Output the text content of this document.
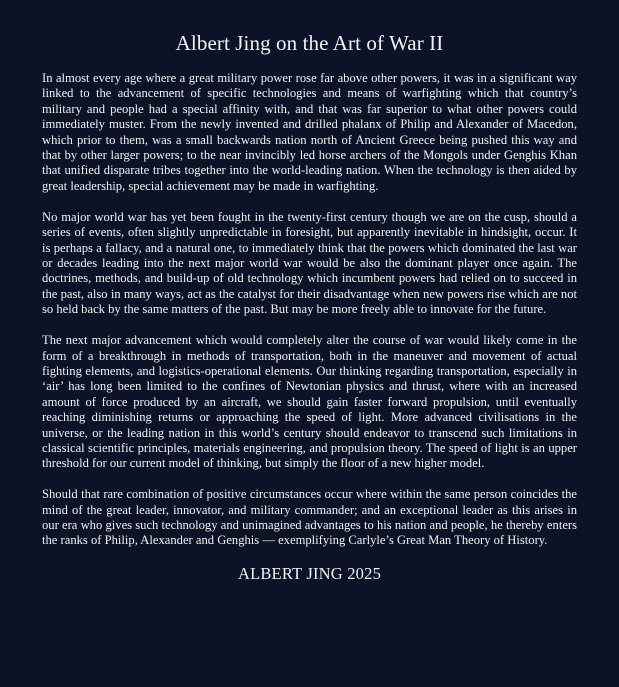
Albert Jing on the Art of War II

In almost every age where a great military power rose far above other powers, it was in a significant way linked to the advancement of specific technologies and means of warfighting which that country’s military and people had a special affinity with, and that was far superior to what other powers could immediately muster. From the newly invented and drilled phalanx of Philip and Alexander of Macedon, which prior to them, was a small backwards nation north of Ancient Greece being pushed this way and that by other larger powers; to the near invincibly led horse archers of the Mongols under Genghis Khan that unified disparate tribes together into the world-leading nation. When the technology is then aided by great leadership, special achievement may be made in warfighting.

No major world war has yet been fought in the twenty-first century though we are on the cusp, should a series of events, often slightly unpredictable in foresight, but apparently inevitable in hindsight, occur. It is perhaps a fallacy, and a natural one, to immediately think that the powers which dominated the last war or decades leading into the next major world war would be also the dominant player once again. The doctrines, methods, and build-up of old technology which incumbent powers had relied on to succeed in the past, also in many ways, act as the catalyst for their disadvantage when new powers rise which are not so held back by the same matters of the past. But may be more freely able to innovate for the future.

The next major advancement which would completely alter the course of war would likely come in the form of a breakthrough in methods of transportation, both in the maneuver and movement of actual fighting elements, and logistics-operational elements. Our thinking regarding transportation, especially in ‘air’ has long been limited to the confines of Newtonian physics and thrust, where with an increased amount of force produced by an aircraft, we should gain faster forward propulsion, until eventually reaching diminishing returns or approaching the speed of light. More advanced civilisations in the universe, or the leading nation in this world’s century should endeavor to transcend such limitations in classical scientific principles, materials engineering, and propulsion theory. The speed of light is an upper threshold for our current model of thinking, but simply the floor of a new higher model.

Should that rare combination of positive circumstances occur where within the same person coincides the mind of the great leader, innovator, and military commander; and an exceptional leader as this arises in our era who gives such technology and unimagined advantages to his nation and people, he thereby enters the ranks of Philip, Alexander and Genghis — exemplifying Carlyle’s Great Man Theory of History.

ALBERT JING 2025
